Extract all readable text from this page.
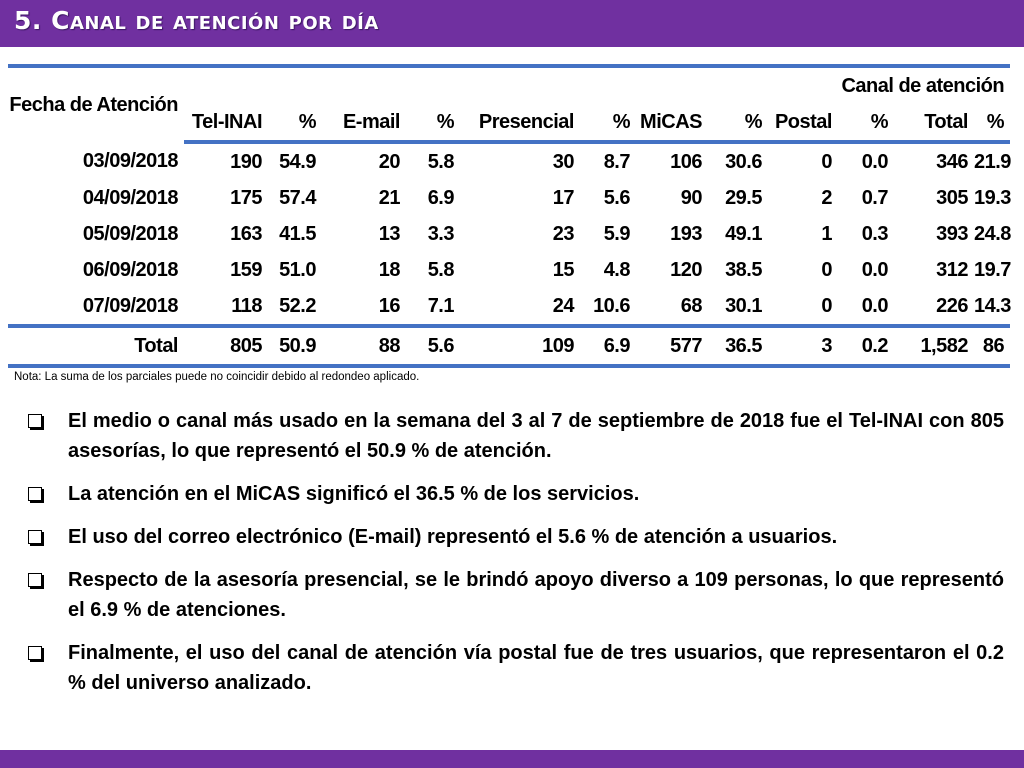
5. Canal de atención por día
Fecha de Atención	Canal de atención											
	Tel-INAI	%	E-mail	%	Presencial	%	MiCAS	%	Postal	%	Total	%
03/09/2018	190	54.9	20	5.8	30	8.7	106	30.6	0	0.0	346	21.9
04/09/2018	175	57.4	21	6.9	17	5.6	90	29.5	2	0.7	305	19.3
05/09/2018	163	41.5	13	3.3	23	5.9	193	49.1	1	0.3	393	24.8
06/09/2018	159	51.0	18	5.8	15	4.8	120	38.5	0	0.0	312	19.7
07/09/2018	118	52.2	16	7.1	24	10.6	68	30.1	0	0.0	226	14.3
Total	805	50.9	88	5.6	109	6.9	577	36.5	3	0.2	1,582	86
Nota: La suma de los parciales puede no coincidir debido al redondeo aplicado.
El medio o canal más usado en la semana del 3 al 7 de septiembre de 2018 fue el Tel-INAI con 805 asesorías, lo que representó el 50.9 % de atención.
La atención en el MiCAS significó el 36.5 % de los servicios.
El uso del correo electrónico (E-mail) representó el 5.6 % de atención a usuarios.
Respecto de la asesoría presencial, se le brindó apoyo diverso a 109 personas, lo que representó el 6.9 % de atenciones.
Finalmente, el uso del canal de atención vía postal fue de tres usuarios, que representaron el 0.2 % del universo analizado.
